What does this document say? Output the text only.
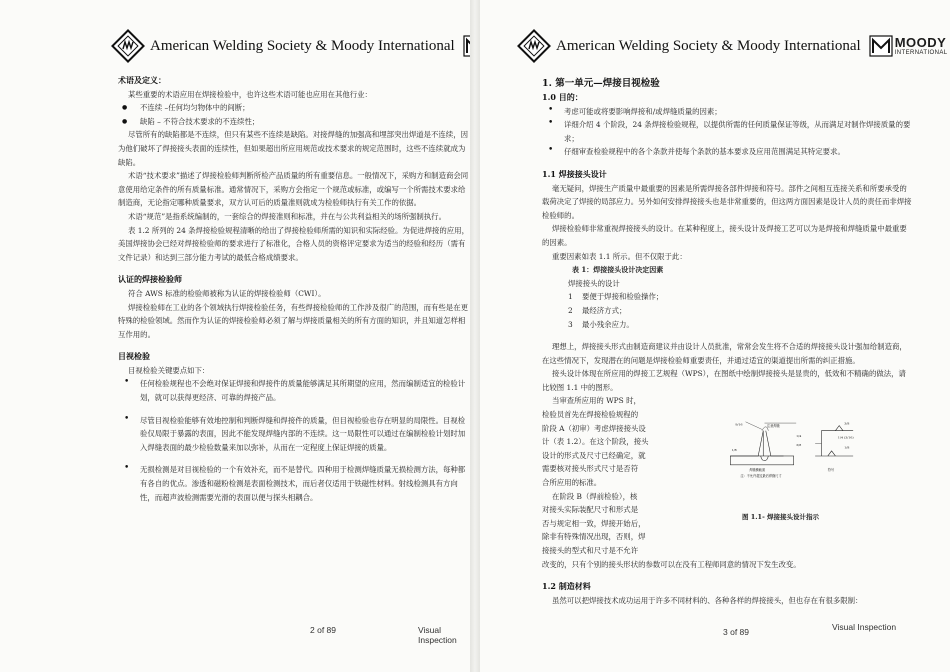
American Welding Society & Moody International
术语及定义：

某些重要的术语应用在焊接检验中，也许这些术语可能也应用在其他行业：

● 不连续 –任何均匀物体中的间断；
● 缺陷 – 不符合技术要求的不连续性；

尽管所有的缺陷都是不连续，但只有某些不连续是缺陷。对接焊缝的加强高和埋部突出焊道是不连续，因为他们破坏了焊接接头表面的连续性，但如果超出所应用规范或技术要求的规定范围时，这些不连续就成为缺陷。

术语“技术要求”描述了焊接检验师判断所检产品质量的所有重要信息。一般情况下，采购方和制造商会同意使用给定条件的所有质量标准。通常情况下，采购方会指定一个规范或标准，或编写一个所需技术要求给制造商，无论指定哪种质量要求，双方认可后的质量准则就成为检验师执行有关工作的依据。

术语“规范”是指系统编制的，一套综合的焊接准则和标准，并在与公共利益相关的场所强制执行。

表 1.2 所列的 24 条焊接检验规程清晰的给出了焊接检验师所需的知识和实际经验。为促进焊接的应用，美国焊接协会已经对焊接检验师的要求进行了标准化，合格人员的资格评定要求为适当的经验和经历（需有文件记录）和达到三部分能力考试的最低合格成绩要求。

认证的焊接检验师

符合 AWS 标准的检验师被称为认证的焊接检验师（CWI）。

焊接检验师在工业的各个领域执行焊接检验任务，有些焊接检验师的工作涉及很广的范围，而有些是在更特殊的检验领域。然而作为认证的焊接检验师必须了解与焊接质量相关的所有方面的知识，并且知道怎样相互作用的。

目视检验

目视检验关键要点如下：

• 任何检验规程也不会绝对保证焊接和焊接件的质量能够满足其所期望的应用，然而编制适宜的检验计划，就可以获得更经济、可靠的焊接产品。
• 尽管目视检验能够有效地控制和判断焊缝和焊接件的质量，但目视检验也存在明显的局限性。目视检验仅局限于暴露的表面，因此不能发现焊缝内部的不连续。这一局限性可以通过在编制检验计划时加入焊缝表面的最少检验数量来加以弥补，从而在一定程度上保证焊接的质量。
• 无损检测是对目视检验的一个有效补充，而不是替代。四种用于检测焊缝质量无损检测方法，每种都有各自的优点。渗透和磁粉检测是表面检测技术，而后者仅适用于铁磁性材料。射线检测具有方向性，而超声波检测需要光滑的表面以便与探头相耦合。
2 of 89	Visual Inspection
American Welding Society & Moody International	MOODY
INTERNATIONAL
1. 第一单元—焊接目视检验
1.0 目的：
• 考虑可能或将要影响焊接和/或焊缝质量的因素；
• 详细介绍 4 个阶段，24 条焊接检验规程，以提供所需的任何质量保证等级，从而满足对制作焊接质量的要求；
• 仔细审查检验规程中的各个条款并使每个条款的基本要求及应用范围满足其特定要求。
1.1 焊接接头设计

毫无疑问，焊接生产质量中最重要的因素是所需焊接各部件焊接和符号。部件之间相互连接关系和所要承受的载荷决定了焊接的局部应力。另外如何安排焊接接头也是非常重要的，但这两方面因素是设计人员的责任而非焊接检验师的。

焊接检验师非常重视焊接接头的设计。在某种程度上，接头设计及焊接工艺可以为是焊接和焊缝质量中最重要的因素。

重要因素如表 1.1 所示。但不仅限于此：

表 1：焊接接头设计决定因素
焊接接头的设计
1 要便于焊接和检验操作；
2 最经济方式；
3 最小残余应力。

理想上，焊接接头形式由制造商建议并由设计人员批准，常常会发生将不合适的焊接接头设计强加给制造商，在这些情况下，发现潜在的问题是焊接检验师重要责任，并通过适宜的渠道提出所需的纠正措施。

接头设计体现在所应用的焊接工艺规程（WPS），在图纸中绘制焊接接头是显贵的，低效和不精确的做法，请比较图 1.1 中的图形。

当审查所应用的 WPS 时，
检验员首先在焊接检验规程的
阶段 A（初审）考虑焊接接头设
计（表 1.2）。在这个阶段，接头
设计的形式及尺寸已经确定，就
需要核对接头形式尺寸是否符
合所应用的标准。
在阶段 B（焊前检验），核
对接头实际装配尺寸和形式是
否与规定相一致，焊接开始后，
除非有特殊情况出现，否则，焊
接接头的型式和尺寸是不允许

改变的，只有个别的接头形状的参数可以在没有工程师同意的情况下发生改变。

1.2 制造材料

虽然可以把焊接技术成功运用于许多不同材料的、各种各样的焊接接头，但也存在有很多限制：

9/16	注意焊缝
1/4
3/8
3/8
1/4 (3/16)
1/8
1/8
焊缝横截面
注：不允许超过最后焊缝尺寸
符号
图 1.1- 焊接接头设计指示
3 of 89	Visual Inspection
